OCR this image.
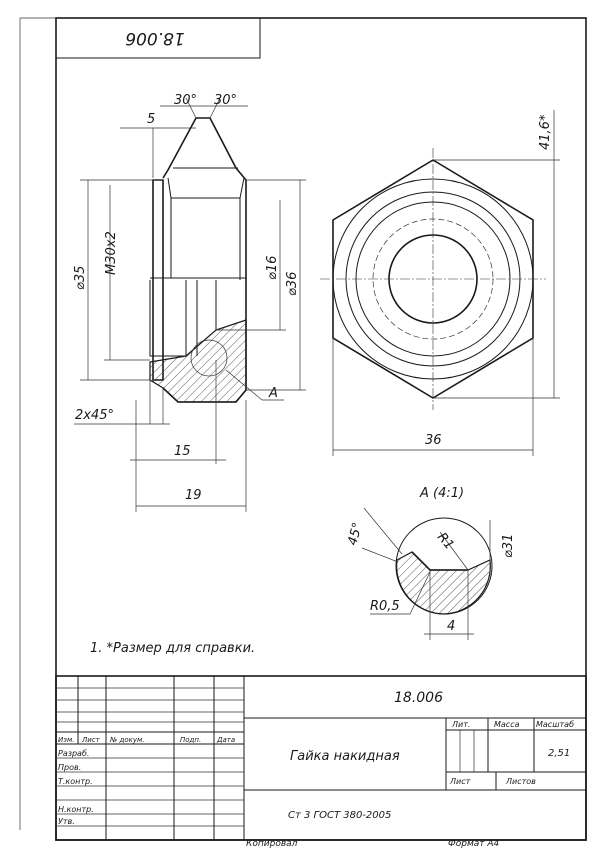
18.006
A
5
30° 30°
⌀35
M30x2	⌀16
⌀36
2x45°
15
19
41,6*
36
A (4:1)
4
R1	⌀31
45°
R0,5
1. *Размер для справки.
18.006
Гайка накидная
Ст 3 ГОСТ 380-2005
Лит.	Масса Масштаб
2,51
Лист	Листов
Изм. Лист № докум.	Подп. Дата
Разраб.
Пров.
Т.контр.
Н.контр.
Утв.
Копировал	Формат А4
